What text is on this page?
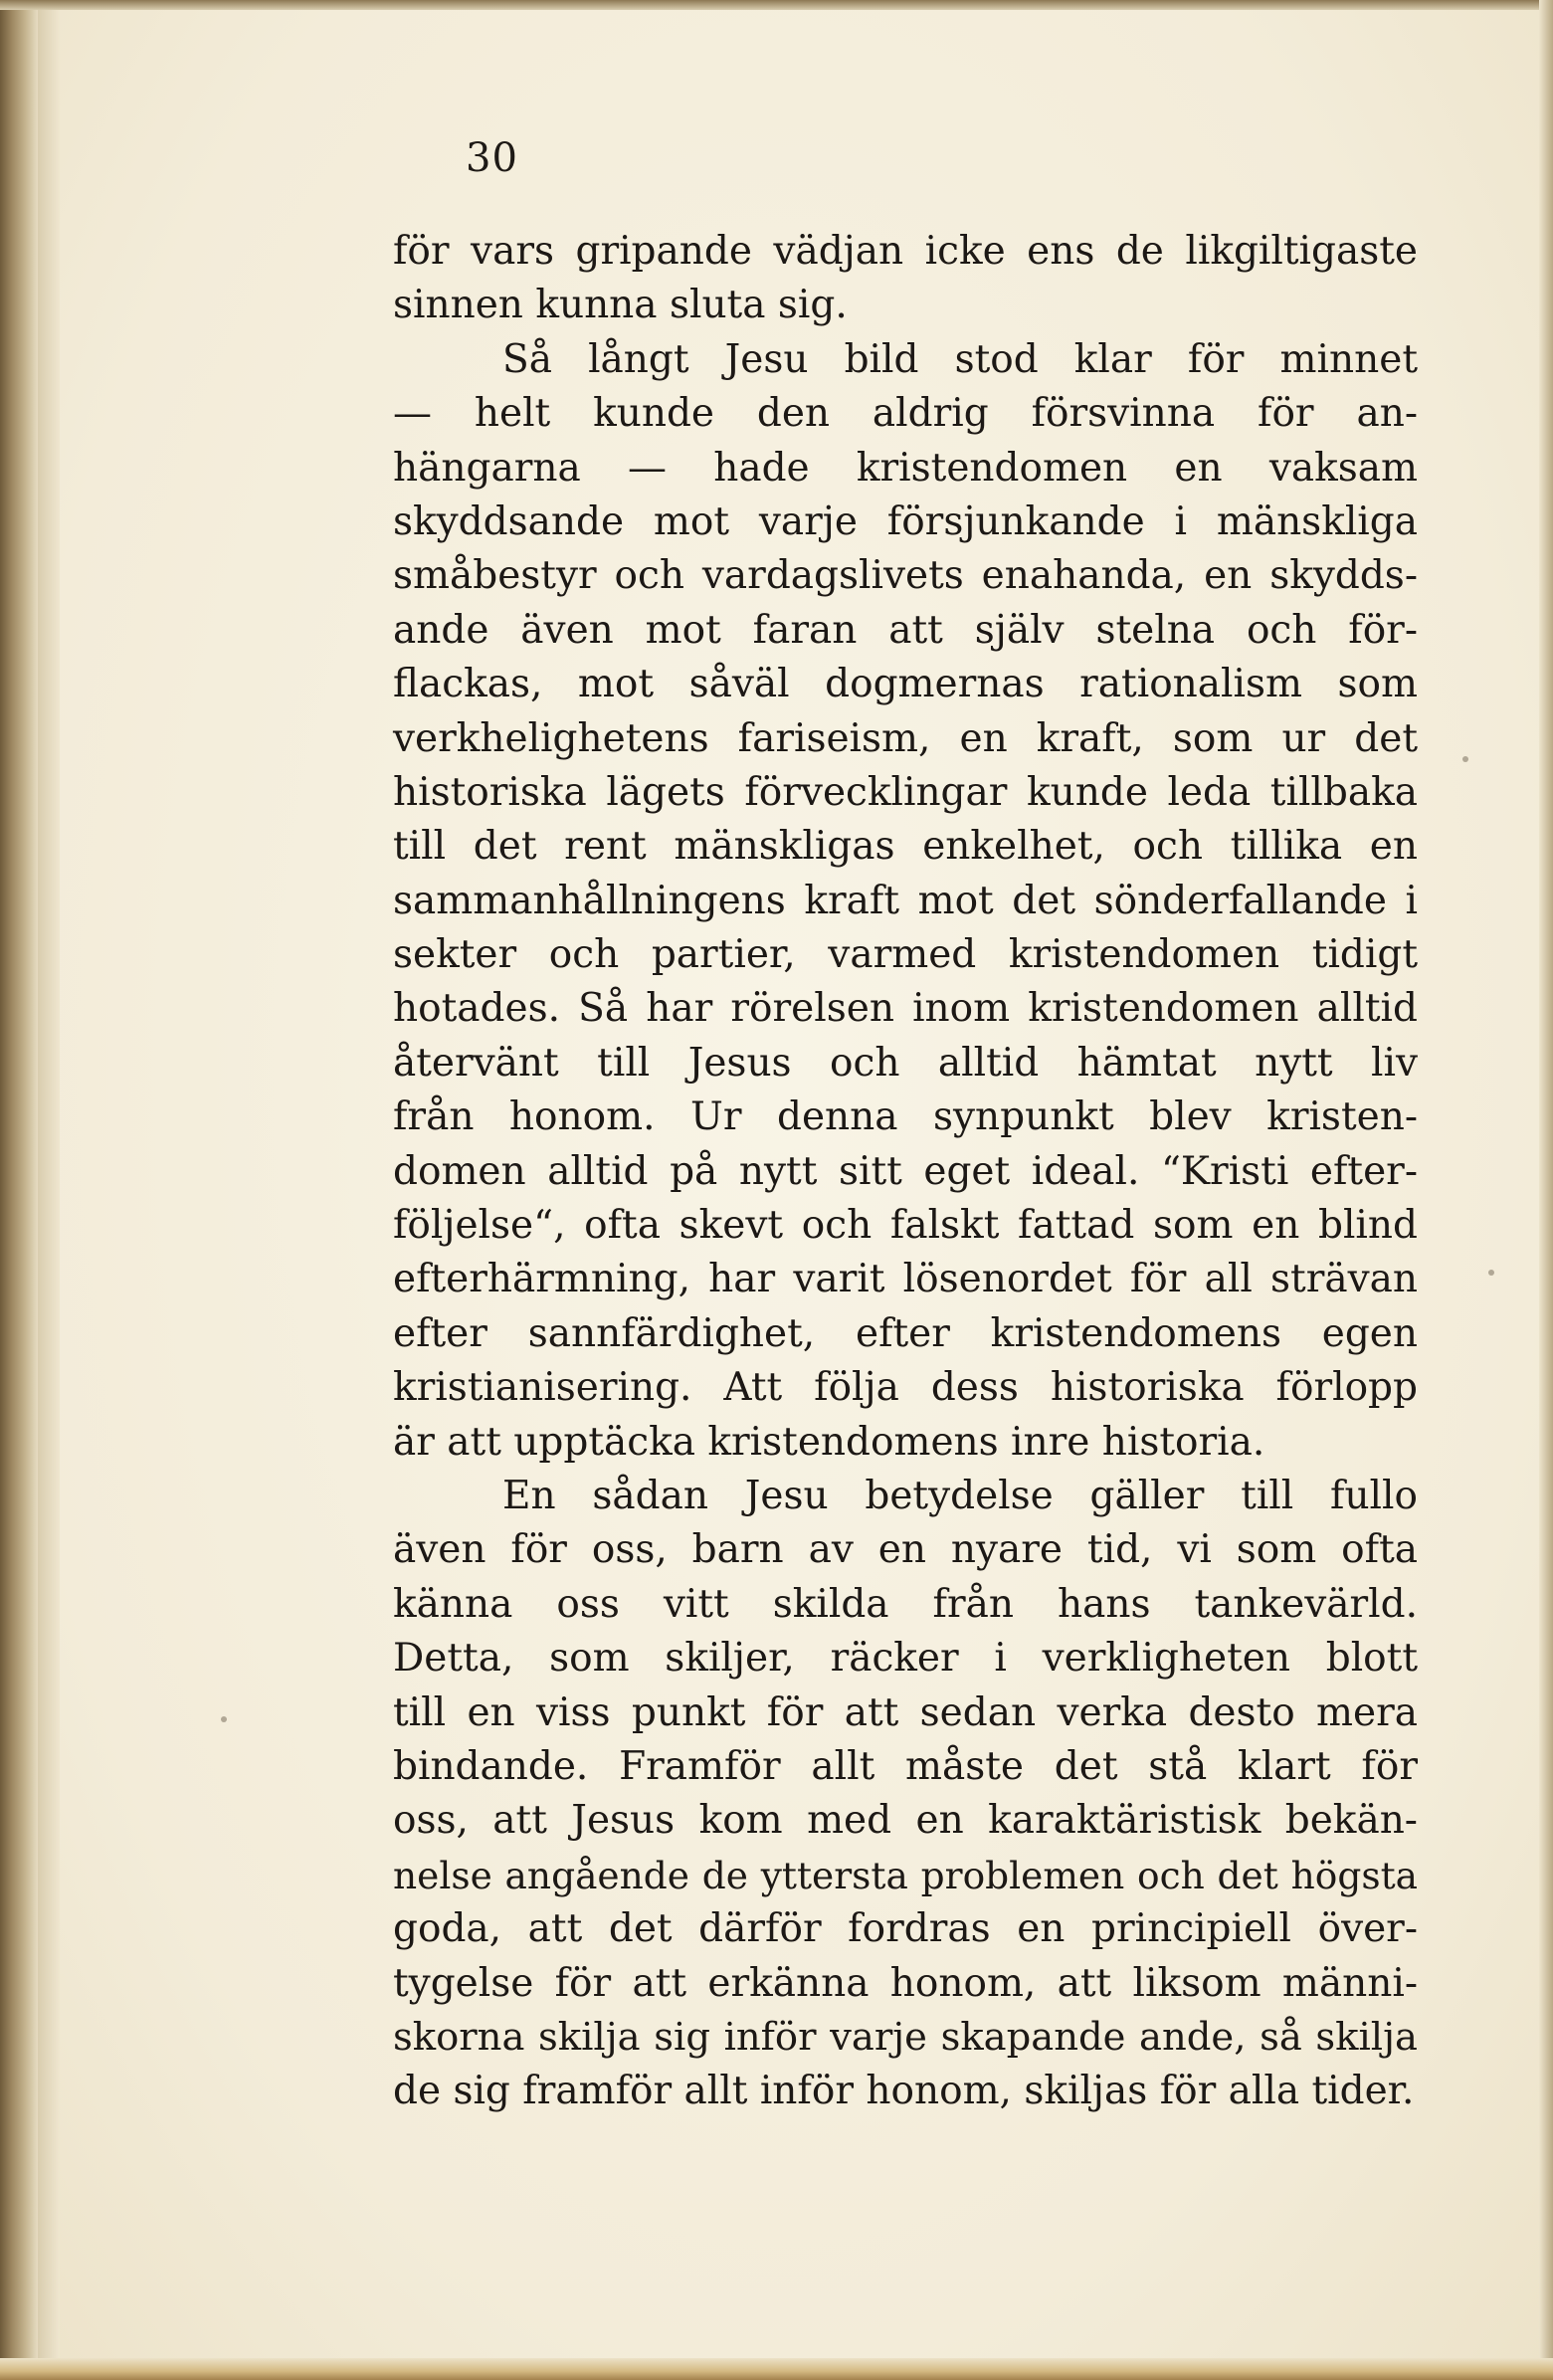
30
för vars gripande vädjan icke ens de likgiltigaste
sinnen kunna sluta sig.
Så långt Jesu bild stod klar för minnet
— helt kunde den aldrig försvinna för an-
hängarna — hade kristendomen en vaksam
skyddsande mot varje försjunkande i mänskliga
småbestyr och vardagslivets enahanda, en skydds-
ande även mot faran att själv stelna och för-
flackas, mot såväl dogmernas rationalism som
verkhelighetens fariseism, en kraft, som ur det
historiska lägets förvecklingar kunde leda tillbaka
till det rent mänskligas enkelhet, och tillika en
sammanhållningens kraft mot det sönderfallande i
sekter och partier, varmed kristendomen tidigt
hotades. Så har rörelsen inom kristendomen alltid
återvänt till Jesus och alltid hämtat nytt liv
från honom. Ur denna synpunkt blev kristen-
domen alltid på nytt sitt eget ideal. “Kristi efter-
följelse“, ofta skevt och falskt fattad som en blind
efterhärmning, har varit lösenordet för all strävan
efter sannfärdighet, efter kristendomens egen
kristianisering. Att följa dess historiska förlopp
är att upptäcka kristendomens inre historia.
En sådan Jesu betydelse gäller till fullo
även för oss, barn av en nyare tid, vi som ofta
känna oss vitt skilda från hans tankevärld.
Detta, som skiljer, räcker i verkligheten blott
till en viss punkt för att sedan verka desto mera
bindande. Framför allt måste det stå klart för
oss, att Jesus kom med en karaktäristisk bekän-
nelse angående de yttersta problemen och det högsta
goda, att det därför fordras en principiell över-
tygelse för att erkänna honom, att liksom männi-
skorna skilja sig inför varje skapande ande, så skilja
de sig framför allt inför honom, skiljas för alla tider.
